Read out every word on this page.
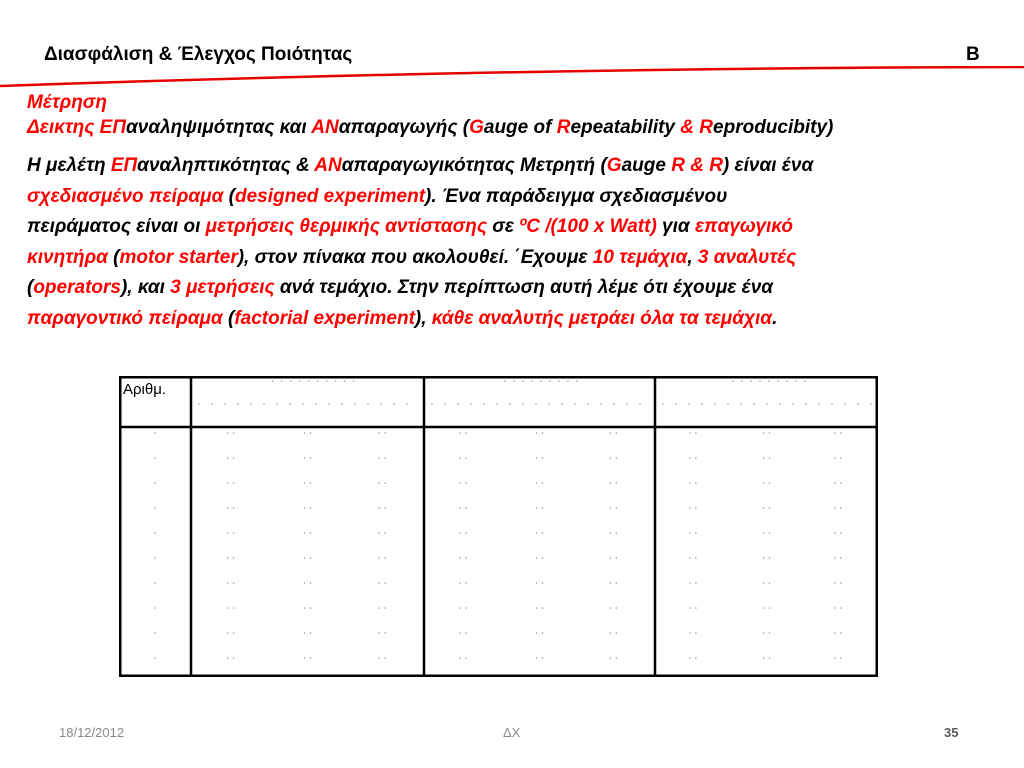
Διασφάλιση & Έλεγχος Ποιότητας	Β
Μέτρηση
Δεικτης ΕΠαναληψιμότητας και ΑΝαπαραγωγής (Gauge of Repeatability & Reproducibity)
Η μελέτη ΕΠαναληπτικότητας & ΑΝαπαραγωγικότητας Μετρητή (Gauge R & R) είναι ένα
σχεδιασμένο πείραμα (designed experiment). Ένα παράδειγμα σχεδιασμένου
πειράματος είναι οι μετρήσεις θερμικής αντίστασης σε ºC /(100 x Watt) για επαγωγικό
κινητήρα (motor starter), στον πίνακα που ακολουθεί. ΄Εχουμε 10 τεμάχια, 3 αναλυτές
(operators), και 3 μετρήσεις ανά τεμάχιο. Στην περίπτωση αυτή λέμε ότι έχουμε ένα
παραγοντικό πείραμα (factorial experiment), κάθε αναλυτής μετράει όλα τα τεμάχια.
Αριθμ.
18/12/2012	ΔΧ	35
